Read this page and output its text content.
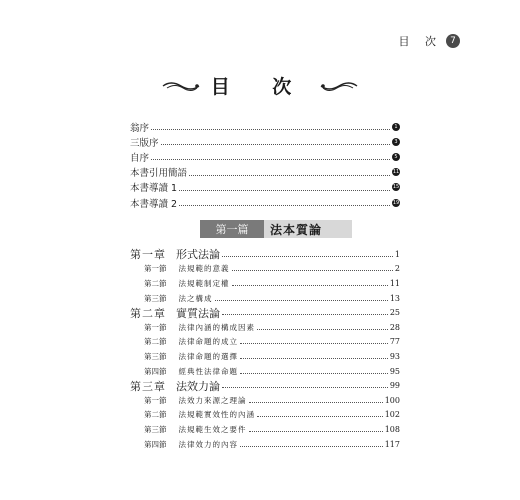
目 次 7
目 次
翁序	1
三版序	3
自序	5
本書引用簡語	11
本書導讀 1	15
本書導讀 2	19
第一篇	法本質論
第一章 形式法論	1
第一節 法規範的意義	2
第二節 法規範制定權	11
第三節 法之構成	13
第二章 實質法論	25
第一節 法律內涵的構成因素	28
第二節 法律命題的成立	77
第三節 法律命題的選擇	93
第四節 經典性法律命題	95
第三章 法效力論	99
第一節 法效力來源之理論	100
第二節 法規範實效性的內涵	102
第三節 法規範生效之要件	108
第四節 法律效力的內容	117
